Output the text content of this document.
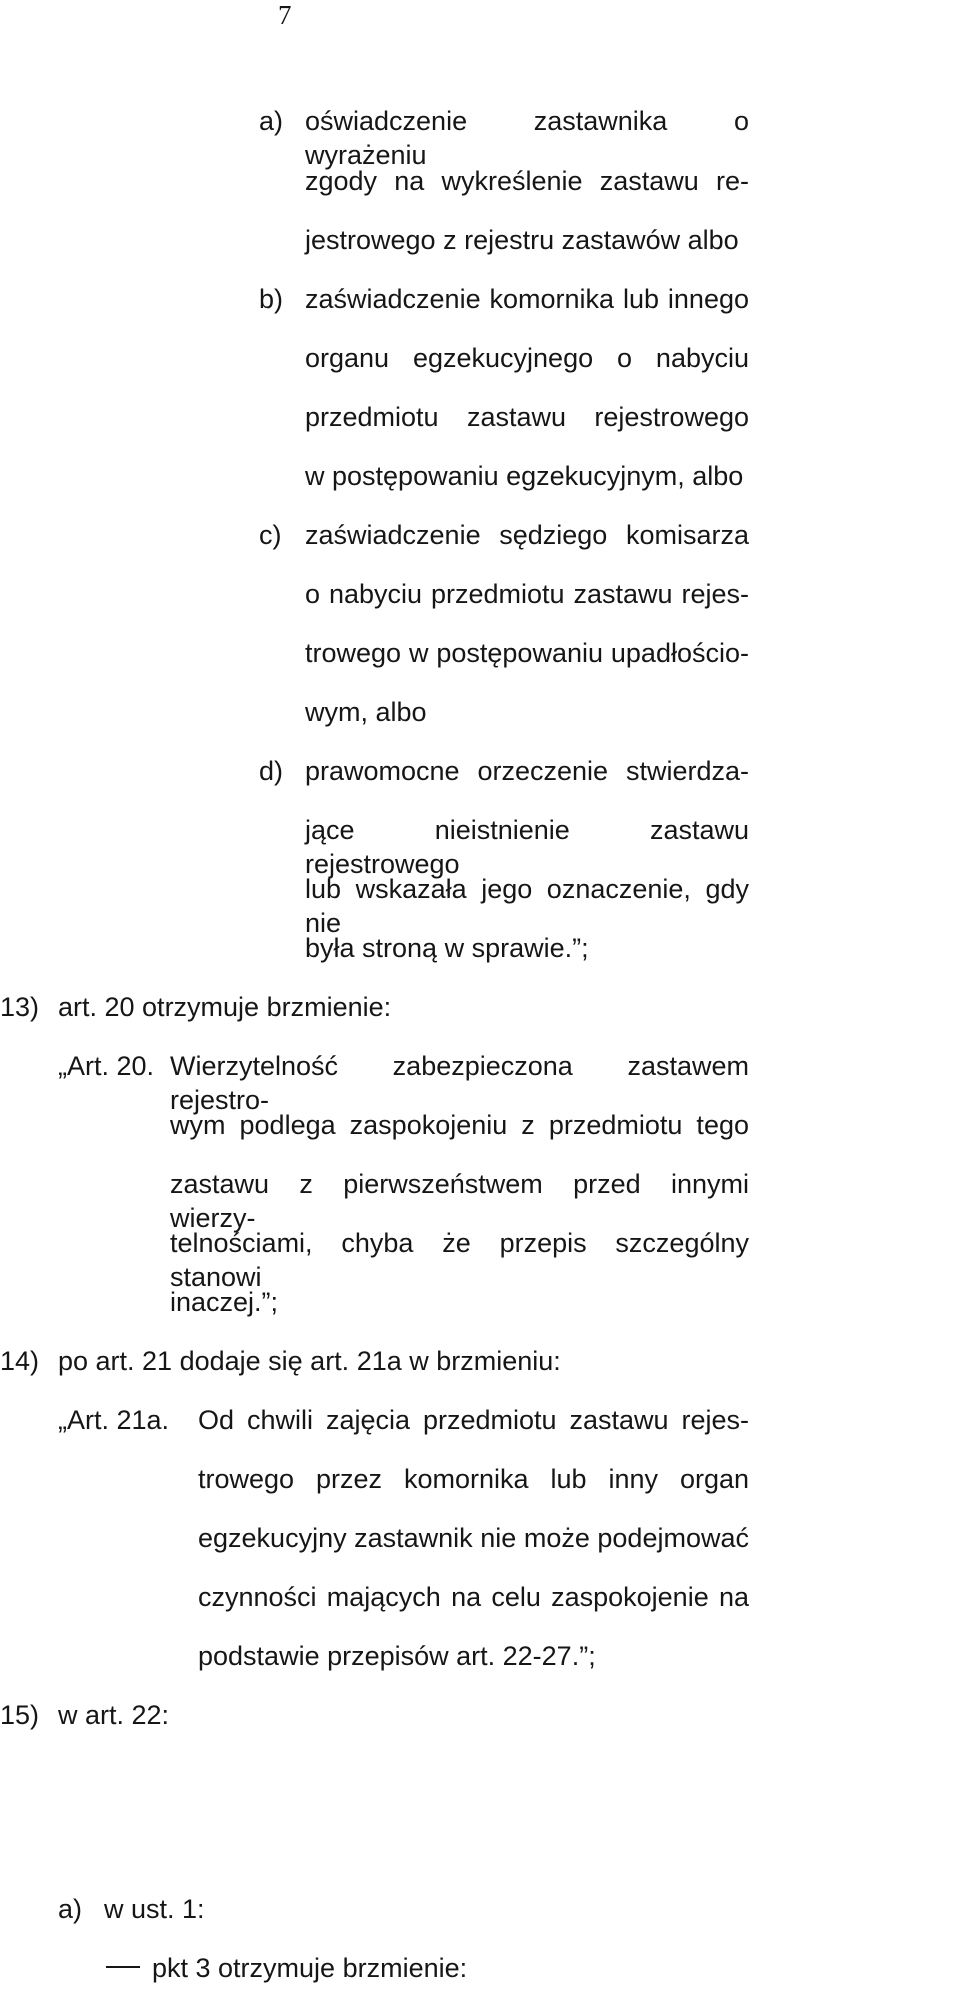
7
a) oświadczenie zastawnika o wyrażeniu
zgody na wykreślenie zastawu re-
jestrowego z rejestru zastawów albo
b) zaświadczenie komornika lub innego
organu egzekucyjnego o nabyciu
przedmiotu zastawu rejestrowego
w postępowaniu egzekucyjnym, albo
c) zaświadczenie sędziego komisarza
o nabyciu przedmiotu zastawu rejes-
trowego w postępowaniu upadłościo-
wym, albo
d) prawomocne orzeczenie stwierdza-
jące nieistnienie zastawu rejestrowego
lub wskazała jego oznaczenie, gdy nie
była stroną w sprawie.”;
13) art. 20 otrzymuje brzmienie:
„Art. 20. Wierzytelność zabezpieczona zastawem rejestro-
wym podlega zaspokojeniu z przedmiotu tego
zastawu z pierwszeństwem przed innymi wierzy-
telnościami, chyba że przepis szczególny stanowi
inaczej.”;
14) po art. 21 dodaje się art. 21a w brzmieniu:
„Art. 21a. Od chwili zajęcia przedmiotu zastawu rejes-
trowego przez komornika lub inny organ
egzekucyjny zastawnik nie może podejmować
czynności mających na celu zaspokojenie na
podstawie przepisów art. 22-27.”;
15) w art. 22:
a) w ust. 1:
pkt 3 otrzymuje brzmienie:
